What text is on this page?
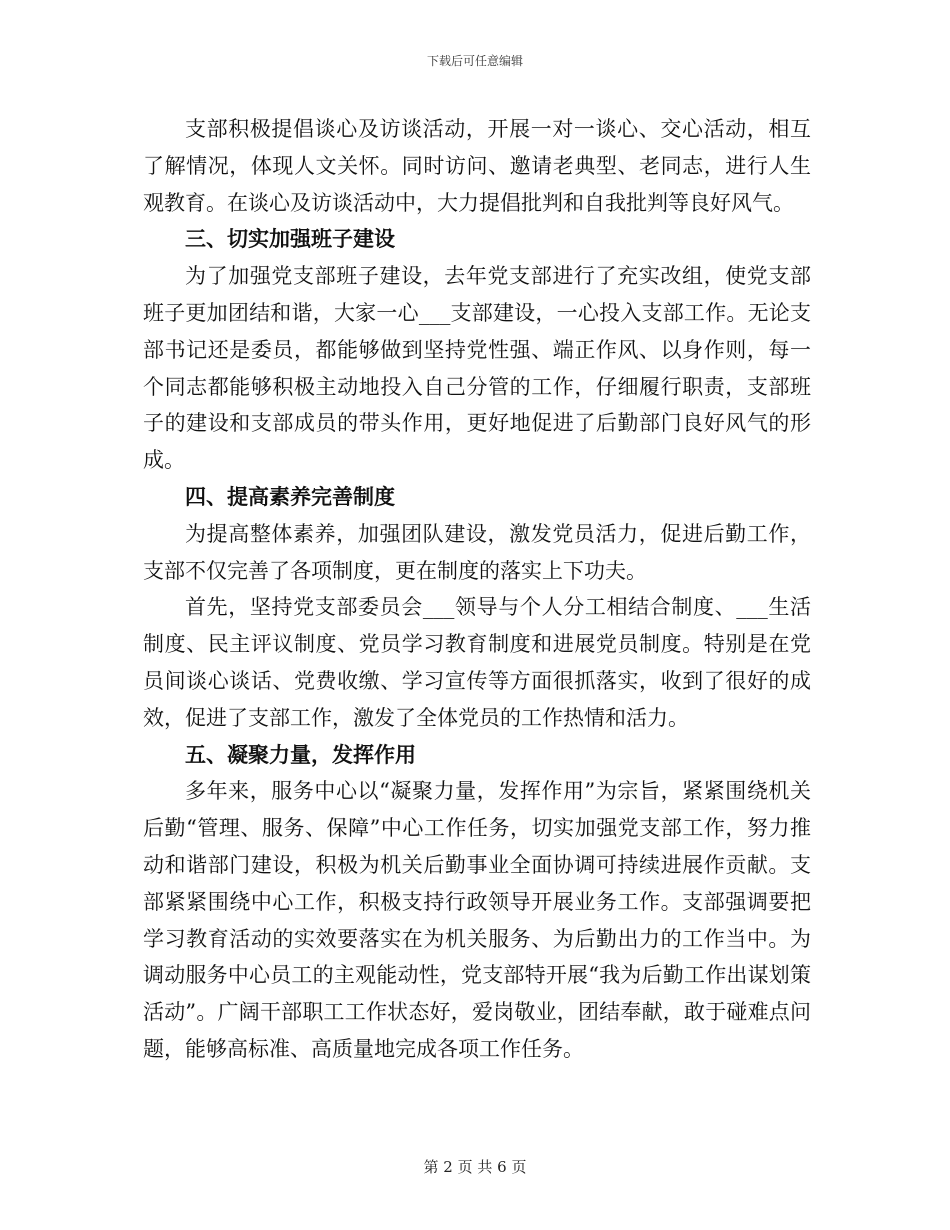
下载后可任意编辑

支部积极提倡谈心及访谈活动，开展一对一谈心、交心活动，相互了解情况，体现人文关怀。同时访问、邀请老典型、老同志，进行人生观教育。在谈心及访谈活动中，大力提倡批判和自我批判等良好风气。

三、切实加强班子建设

为了加强党支部班子建设，去年党支部进行了充实改组，使党支部班子更加团结和谐，大家一心___支部建设，一心投入支部工作。无论支部书记还是委员，都能够做到坚持党性强、端正作风、以身作则，每一个同志都能够积极主动地投入自己分管的工作，仔细履行职责，支部班子的建设和支部成员的带头作用，更好地促进了后勤部门良好风气的形成。

四、提高素养完善制度

为提高整体素养，加强团队建设，激发党员活力，促进后勤工作，支部不仅完善了各项制度，更在制度的落实上下功夫。

首先，坚持党支部委员会___领导与个人分工相结合制度、___生活制度、民主评议制度、党员学习教育制度和进展党员制度。特别是在党员间谈心谈话、党费收缴、学习宣传等方面很抓落实，收到了很好的成效，促进了支部工作，激发了全体党员的工作热情和活力。

五、凝聚力量，发挥作用

多年来，服务中心以“凝聚力量，发挥作用”为宗旨，紧紧围绕机关后勤“管理、服务、保障”中心工作任务，切实加强党支部工作，努力推动和谐部门建设，积极为机关后勤事业全面协调可持续进展作贡献。支部紧紧围绕中心工作，积极支持行政领导开展业务工作。支部强调要把学习教育活动的实效要落实在为机关服务、为后勤出力的工作当中。为调动服务中心员工的主观能动性，党支部特开展“我为后勤工作出谋划策活动”。广阔干部职工工作状态好，爱岗敬业，团结奉献，敢于碰难点问题，能够高标准、高质量地完成各项工作任务。

第 2 页 共 6 页
